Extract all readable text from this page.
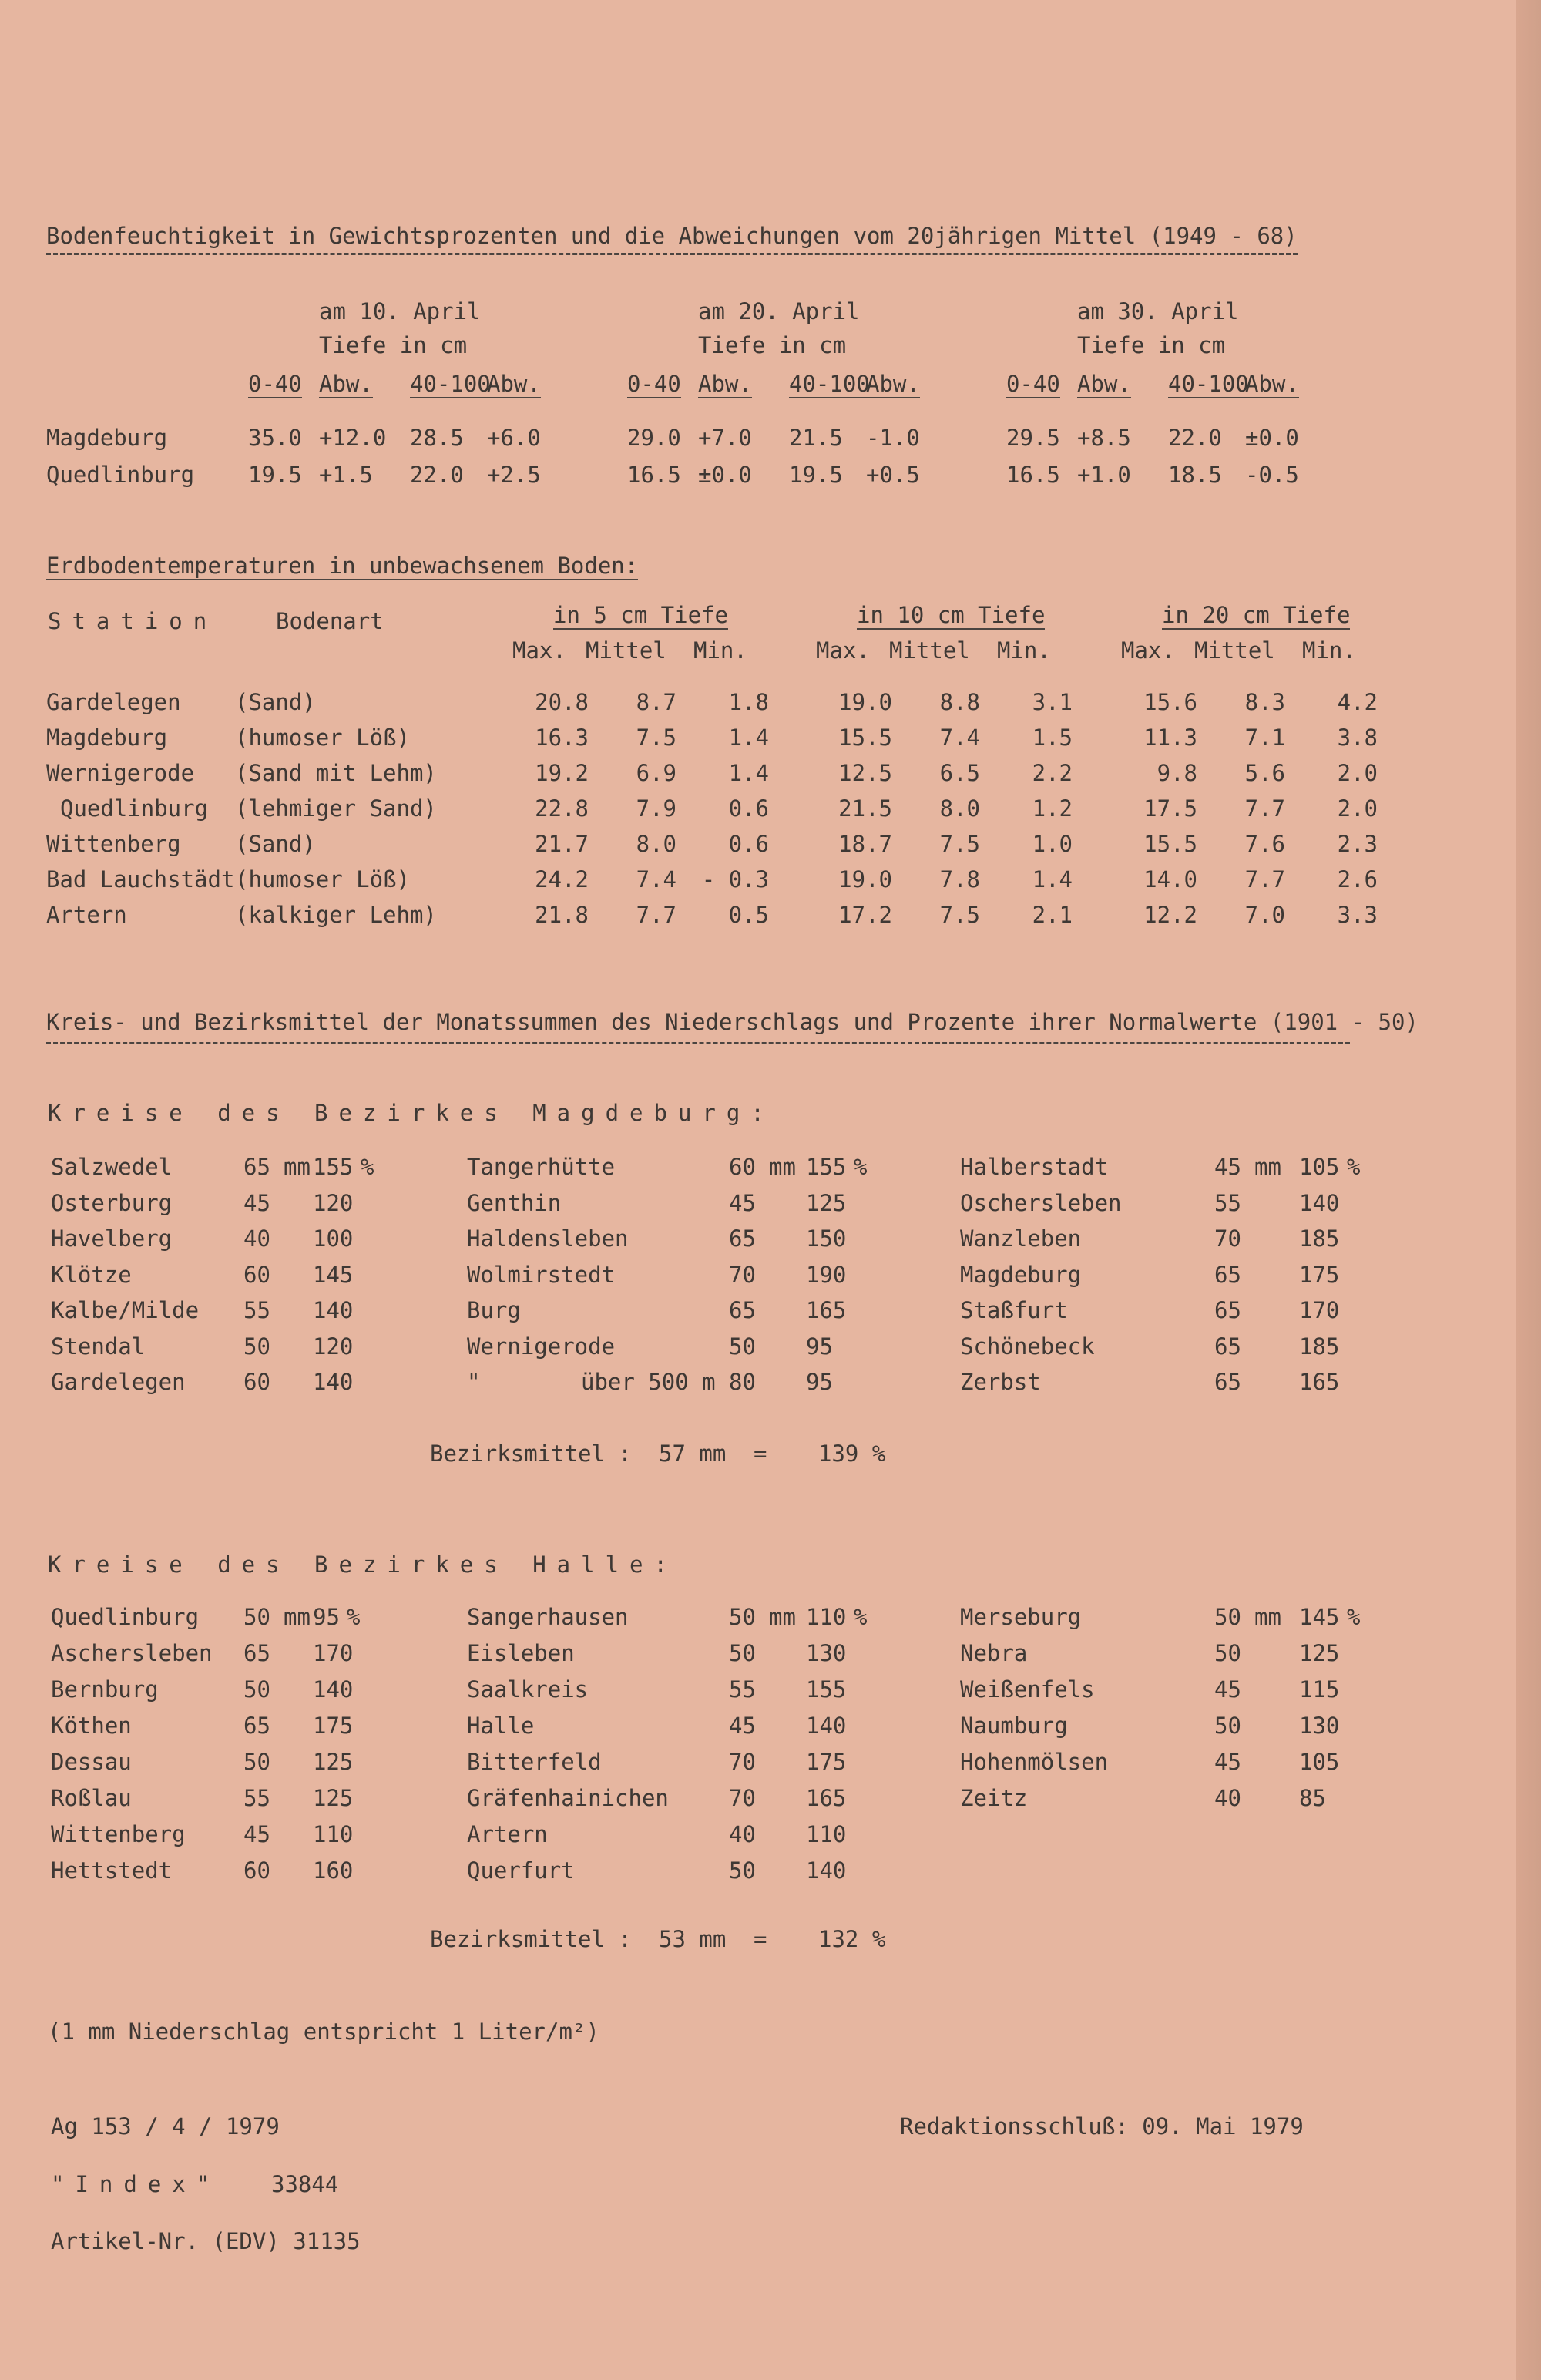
Bodenfeuchtigkeit in Gewichtsprozenten und die Abweichungen vom 20jährigen Mittel (1949 - 68)
am 10. April
Tiefe in cm
0-40 Abw. 40-100
Abw.
am 20. April
Tiefe in cm
0-40 Abw. 40-100
Abw.
am 30. April
Tiefe in cm
0-40 Abw. 40-100
Abw.
Magdeburg	35.0 +12.0 28.5 +6.0	29.0 +7.0 21.5 -1.0	29.5 +8.5 22.0 ±0.0
Quedlinburg 19.5 +1.5 22.0 +2.5	16.5 ±0.0 19.5 +0.5	16.5 +1.0 18.5 -0.5
Erdbodentemperaturen in unbewachsenem Boden:
Station	Bodenart	in 5 cm Tiefe
Max. Mittel Min.
in 10 cm Tiefe
Max. Mittel Min.
in 20 cm Tiefe
Max. Mittel Min.
Gardelegen (Sand)	20.8	8.7	1.8	19.0	8.8	3.1	15.6	8.3	4.2
Magdeburg	(humoser Löß)	16.3	7.5	1.4	15.5	7.4	1.5	11.3	7.1	3.8
Wernigerode (Sand mit Lehm)	19.2	6.9	1.4	12.5	6.5	2.2	9.8	5.6	2.0
Quedlinburg (lehmiger Sand)	22.8	7.9	0.6	21.5	8.0	1.2	17.5	7.7	2.0
Wittenberg (Sand)	21.7	8.0	0.6	18.7	7.5	1.0	15.5	7.6	2.3
Bad Lauchstädt (humoser Löß)	24.2	7.4	- 0.3	19.0	7.8	1.4	14.0	7.7	2.6
Artern	(kalkiger Lehm)	21.8	7.7	0.5	17.2	7.5	2.1	12.2	7.0	3.3
Kreis- und Bezirksmittel der Monatssummen des Niederschlags und Prozente ihrer Normalwerte (1901 - 50)
Kreise des Bezirkes Magdeburg:
Salzwedel	65 mm 155 %
Osterburg	45 120
Havelberg	40 100
Klötze	60 145
Kalbe/Milde 55 140
Stendal	50 120
Gardelegen	60 140
Tangerhütte	60 mm 155 %
Genthin	45 125
Haldensleben	65 150
Wolmirstedt	70 190
Burg	65 165
Wernigerode	50 95
"	über 500 m 80 95
Halberstadt	45 mm 105 %
Oschersleben	55	140
Wanzleben	70	185
Magdeburg	65	175
Staßfurt	65	170
Schönebeck	65	185
Zerbst	65	165
Bezirksmittel : 57 mm = 139 %
Kreise des Bezirkes Halle:
Quedlinburg 50 mm 95 %
Aschersleben 65 170
Bernburg	50 140
Köthen	65 175
Dessau	50 125
Roßlau	55 125
Wittenberg	45 110
Hettstedt	60 160
Sangerhausen	50 mm 110 %
Eisleben	50 130
Saalkreis	55 155
Halle	45 140
Bitterfeld	70 175
Gräfenhainichen	70 165
Artern	40 110
Querfurt	50 140
Merseburg	50 mm 145 %
Nebra	50	125
Weißenfels	45	115
Naumburg	50	130
Hohenmölsen	45	105
Zeitz	40	85
Bezirksmittel : 53 mm = 132 %
(1 mm Niederschlag entspricht 1 Liter/m²)
Ag 153 / 4 / 1979	Redaktionsschluß: 09. Mai 1979
"Index" 33844
Artikel-Nr. (EDV) 31135
